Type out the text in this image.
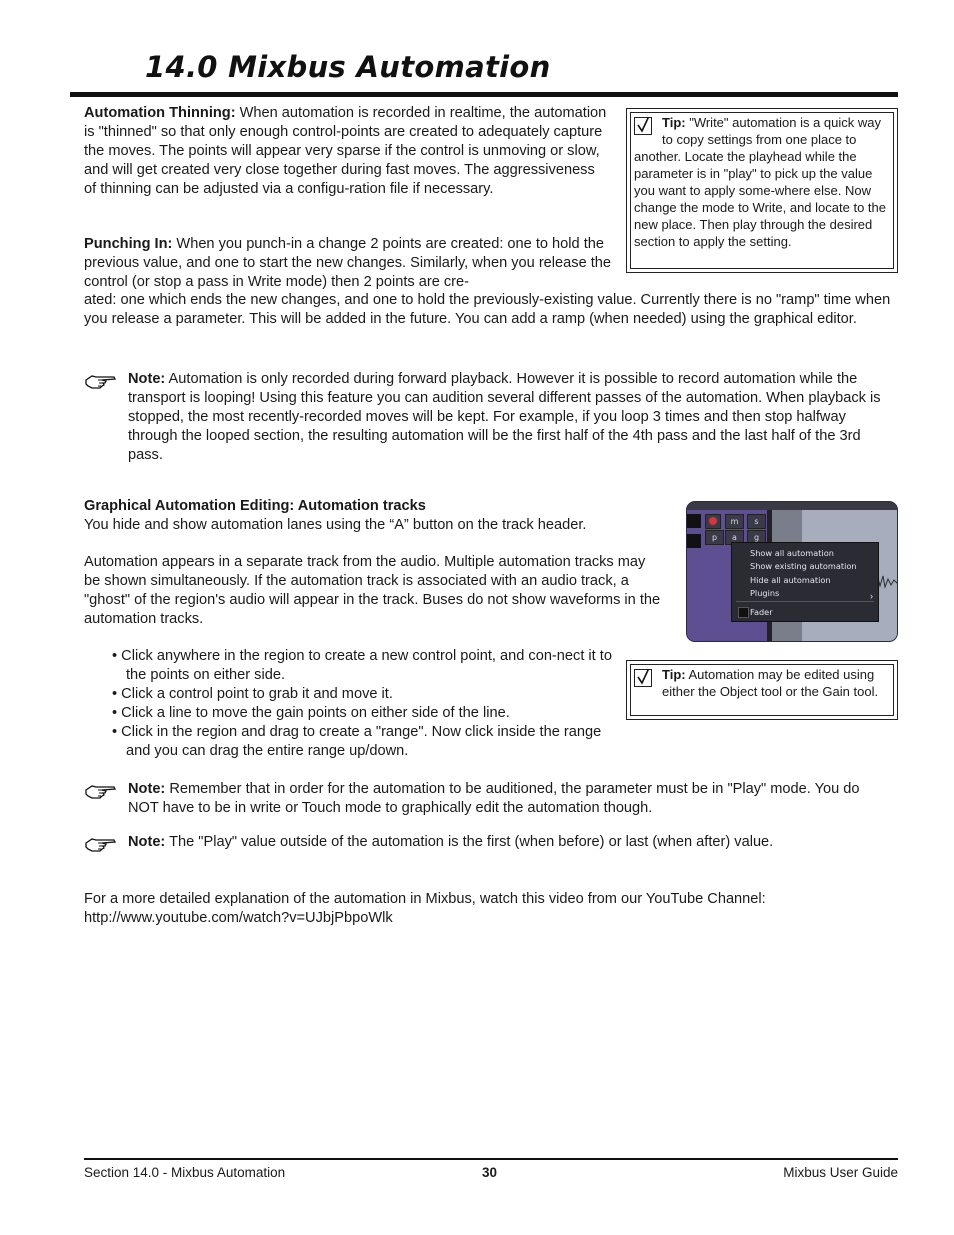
14.0 Mixbus Automation

Automation Thinning: When automation is recorded in realtime, the automation is "thinned" so that only enough control-points are created to adequately capture the moves. The points will appear very sparse if the control is unmoving or slow, and will get created very close together during fast moves. The aggressiveness of thinning can be adjusted via a configu-ration file if necessary.

Punching In: When you punch-in a change 2 points are created: one to hold the previous value, and one to start the new changes. Similarly, when you release the control (or stop a pass in Write mode) then 2 points are cre-

ated: one which ends the new changes, and one to hold the previously-existing value. Currently there is no "ramp" time when you release a parameter. This will be added in the future. You can add a ramp (when needed) using the graphical editor.

Tip: "Write" automation is a quick way to copy settings from one place to another. Locate the playhead while the parameter is in "play" to pick up the value you want to apply some-where else. Now change the mode to Write, and locate to the new place. Then play through the desired section to apply the setting.

Note: Automation is only recorded during forward playback. However it is possible to record automation while the transport is looping! Using this feature you can audition several different passes of the automation. When playback is stopped, the most recently-recorded moves will be kept. For example, if you loop 3 times and then stop halfway through the looped section, the resulting automation will be the first half of the 4th pass and the last half of the 3rd pass.

Graphical Automation Editing: Automation tracks
You hide and show automation lanes using the “A” button on the track header.

Automation appears in a separate track from the audio. Multiple automation tracks may be shown simultaneously. If the automation track is associated with an audio track, a "ghost" of the region's audio will appear in the track. Buses do not show waveforms in the automation tracks.

m	s
p	a	g
Show all automation
Show existing automation
Hide all automation
Plugins	›
Fader
• Click anywhere in the region to create a new control point, and con-nect it to the points on either side.
• Click a control point to grab it and move it.
• Click a line to move the gain points on either side of the line.
• Click in the region and drag to create a "range". Now click inside the range and you can drag the entire range up/down.
Tip: Automation may be edited using either the Object tool or the Gain tool.

Note: Remember that in order for the automation to be auditioned, the parameter must be in "Play" mode. You do NOT have to be in write or Touch mode to graphically edit the automation though.

Note: The "Play" value outside of the automation is the first (when before) or last (when after) value.

For a more detailed explanation of the automation in Mixbus, watch this video from our YouTube Channel:
http://www.youtube.com/watch?v=UJbjPbpoWlk
Section 14.0 - Mixbus Automation	30	Mixbus User Guide
